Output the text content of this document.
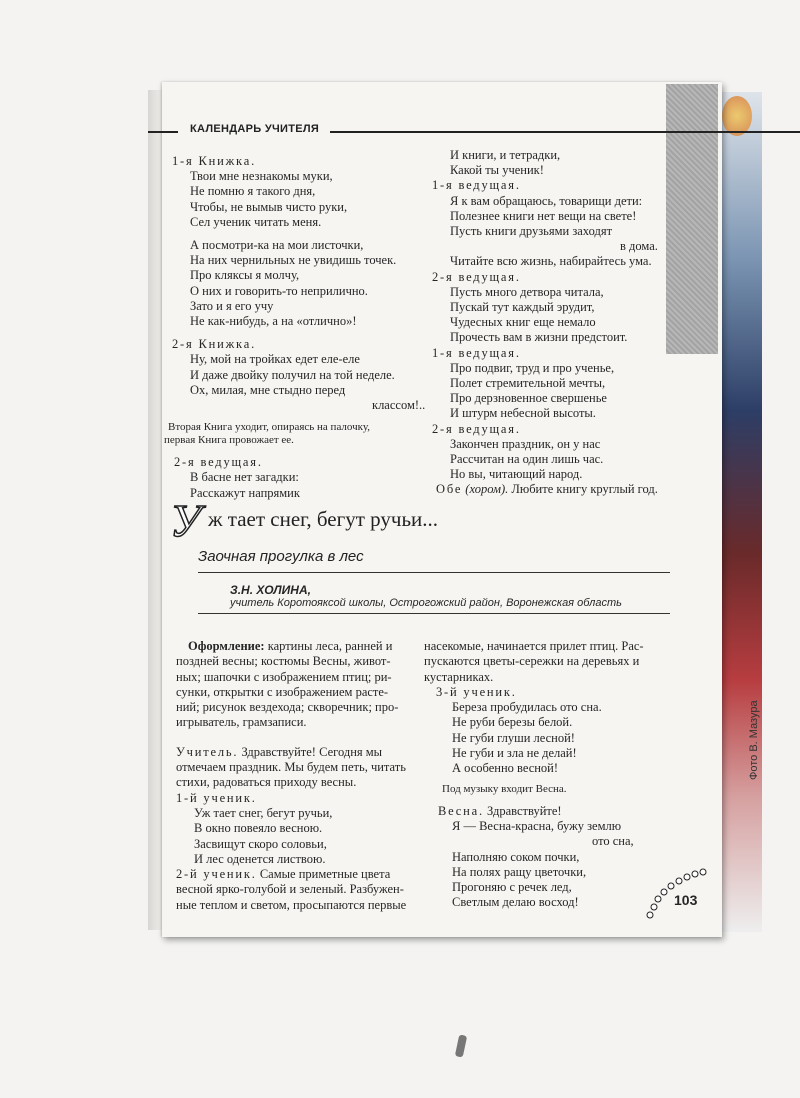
Фото В. Мазура
КАЛЕНДАРЬ УЧИТЕЛЯ

1-я Книжка.

Твои мне незнакомы муки,

Не помню я такого дня,

Чтобы, не вымыв чисто руки,

Сел ученик читать меня.

А посмотри-ка на мои листочки,

На них чернильных не увидишь точек.

Про кляксы я молчу,

О них и говорить-то неприлично.

Зато и я его учу

Не как-нибудь, а на «отлично»!

2-я Книжка.

Ну, мой на тройках едет еле-еле

И даже двойку получил на той неделе.

Ох, милая, мне стыдно перед

классом!..

Вторая Книга уходит, опираясь на палочку,

первая Книга провожает ее.

2-я ведущая.

В басне нет загадки:

Расскажут напрямик

И книги, и тетрадки,

Какой ты ученик!

1-я ведущая.

Я к вам обращаюсь, товарищи дети:

Полезнее книги нет вещи на свете!

Пусть книги друзьями заходят

в дома.

Читайте всю жизнь, набирайтесь ума.

2-я ведущая.

Пусть много детвора читала,

Пускай тут каждый эрудит,

Чудесных книг еще немало

Прочесть вам в жизни предстоит.

1-я ведущая.

Про подвиг, труд и про ученье,

Полет стремительной мечты,

Про дерзновенное свершенье

И штурм небесной высоты.

2-я ведущая.

Закончен праздник, он у нас

Рассчитан на один лишь час.

Но вы, читающий народ.

Обе (хором). Любите книгу круглый год.

У ж тает снег, бегут ручьи...
Заочная прогулка в лес
З.Н. ХОЛИНА,
учитель Коротояксой школы, Острогожский район, Воронежская область

Оформление: картины леса, ранней и

поздней весны; костюмы Весны, живот-

ных; шапочки с изображением птиц; ри-

сунки, открытки с изображением расте-

ний; рисунок вездехода; скворечник; про-

игрыватель, грамзаписи.

Учитель. Здравствуйте! Сегодня мы

отмечаем праздник. Мы будем петь, читать

стихи, радоваться приходу весны.

1-й ученик.

Уж тает снег, бегут ручьи,

В окно повеяло весною.

Засвищут скоро соловьи,

И лес оденется листвою.

2-й ученик. Самые приметные цвета

весной ярко-голубой и зеленый. Разбужен-

ные теплом и светом, просыпаются первые

насекомые, начинается прилет птиц. Рас-

пускаются цветы-сережки на деревьях и

кустарниках.

3-й ученик.

Береза пробудилась ото сна.

Не руби березы белой.

Не губи глуши лесной!

Не губи и зла не делай!

А особенно весной!

Под музыку входит Весна.

Весна. Здравствуйте!

Я — Весна-красна, бужу землю

ото сна,

Наполняю соком почки,

На полях ращу цветочки,

Прогоняю с речек лед,

Светлым делаю восход!	103
